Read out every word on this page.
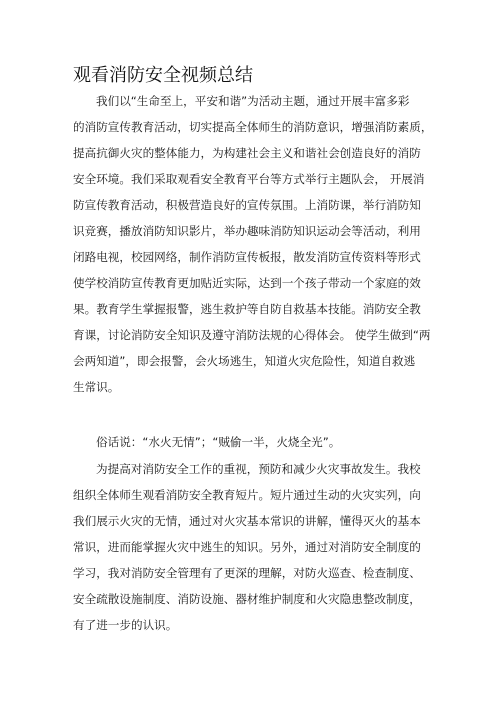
观看消防安全视频总结
我们以“生命至上，平安和谐”为活动主题，通过开展丰富多彩
的消防宣传教育活动，切实提高全体师生的消防意识，增强消防素质，
提高抗御火灾的整体能力，为构建社会主义和谐社会创造良好的消防
安全环境。我们采取观看安全教育平台等方式举行主题队会， 开展消
防宣传教育活动，积极营造良好的宣传氛围。上消防课，举行消防知
识竞赛，播放消防知识影片，举办趣味消防知识运动会等活动，利用
闭路电视，校园网络，制作消防宣传板报，散发消防宣传资料等形式
使学校消防宣传教育更加贴近实际，达到一个孩子带动一个家庭的效
果。教育学生掌握报警，逃生救护等自防自救基本技能。消防安全教
育课，讨论消防安全知识及遵守消防法规的心得体会。 使学生做到“两
会两知道”，即会报警，会火场逃生，知道火灾危险性，知道自救逃
生常识。
俗话说：“水火无情”；“贼偷一半，火烧全光”。
为提高对消防安全工作的重视，预防和减少火灾事故发生。我校
组织全体师生观看消防安全教育短片。短片通过生动的火灾实列，向
我们展示火灾的无情，通过对火灾基本常识的讲解，懂得灭火的基本
常识，进而能掌握火灾中逃生的知识。另外，通过对消防安全制度的
学习，我对消防安全管理有了更深的理解，对防火巡查、检查制度、
安全疏散设施制度、消防设施、器材维护制度和火灾隐患整改制度，
有了进一步的认识。
